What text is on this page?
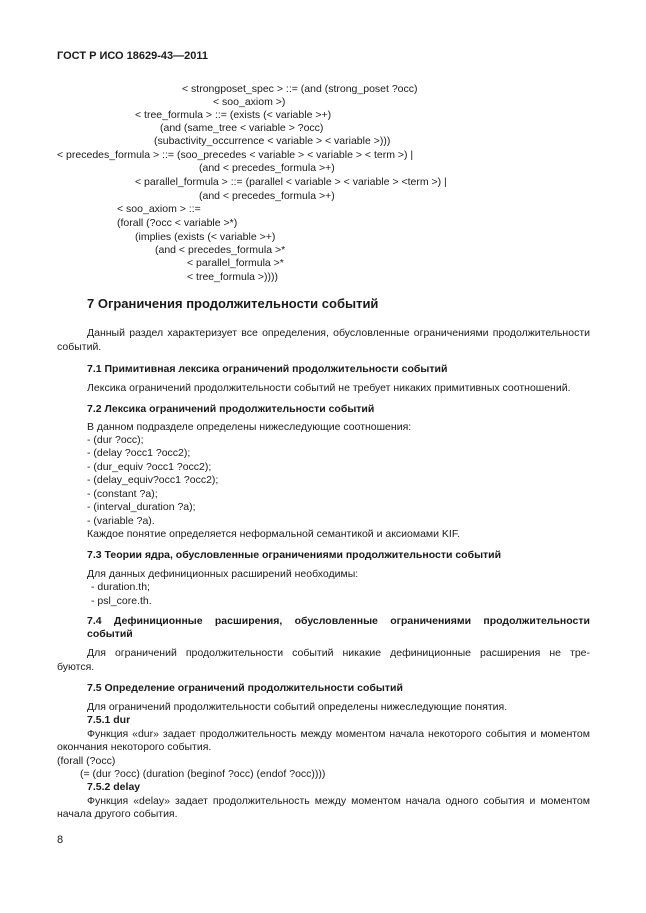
ГОСТ Р ИСО 18629-43—2011
< strongposet_spec > ::= (and (strong_poset ?occ)
< soo_axiom >)
< tree_formula > ::= (exists (< variable >+)
(and (same_tree < variable > ?occ)
(subactivity_occurrence < variable > < variable >)))
< precedes_formula > ::= (soo_precedes < variable > < variable > < term >) |
(and < precedes_formula >+)
< parallel_formula > ::= (parallel < variable > < variable > <term >) |
(and < precedes_formula >+)
< soo_axiom > ::=
(forall (?occ < variable >*)
(implies (exists (< variable >+)
(and < precedes_formula >*
< parallel_formula >*
< tree_formula >))))
7 Ограничения продолжительности событий
Данный раздел характеризует все определения, обусловленные ограничениями продолжительности
событий.
7.1 Примитивная лексика ограничений продолжительности событий
Лексика ограничений продолжительности событий не требует никаких примитивных соотношений.
7.2 Лексика ограничений продолжительности событий
В данном подразделе определены нижеследующие соотношения:
- (dur ?occ);
- (delay ?occ1 ?occ2);
- (dur_equiv ?occ1 ?occ2);
- (delay_equiv?occ1 ?occ2);
- (constant ?a);
- (interval_duration ?a);
- (variable ?a).
Каждое понятие определяется неформальной семантикой и аксиомами KIF.
7.3 Теории ядра, обусловленные ограничениями продолжительности событий
Для данных дефиниционных расширений необходимы:
- duration.th;
- psl_core.th.
7.4 Дефиниционные расширения, обусловленные ограничениями продолжительности
событий
Для ограничений продолжительности событий никакие дефиниционные расширения не тре-
буются.
7.5 Определение ограничений продолжительности событий
Для ограничений продолжительности событий определены нижеследующие понятия.
7.5.1 dur
Функция «dur» задает продолжительность между моментом начала некоторого события и моментом
окончания некоторого события.
(forall (?occ)
(= (dur ?occ) (duration (beginof ?occ) (endof ?occ))))
7.5.2 delay
Функция «delay» задает продолжительность между моментом начала одного события и моментом
начала другого события.
8
